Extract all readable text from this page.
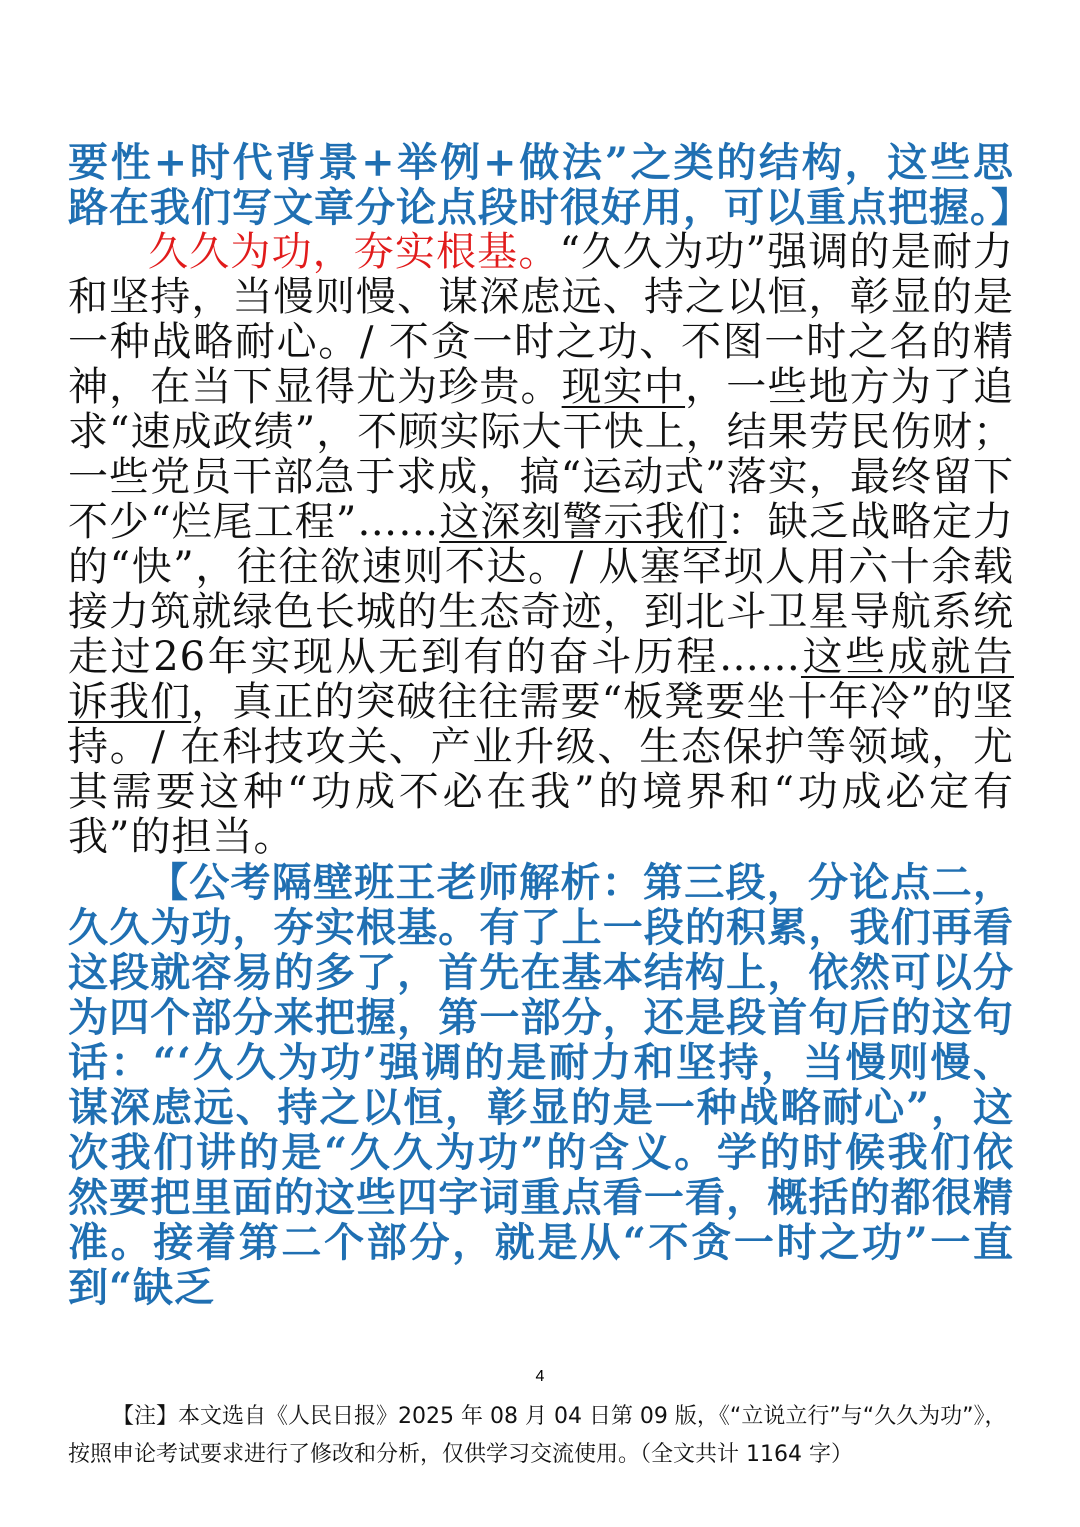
要性+时代背景+举例+做法”之类的结构，这些思路在我们写文章分论点段时很好用，可以重点把握。】

久久为功，夯实根基。“久久为功”强调的是耐力和坚持，当慢则慢、谋深虑远、持之以恒，彰显的是一种战略耐心。/ 不贪一时之功、不图一时之名的精神，在当下显得尤为珍贵。现实中，一些地方为了追求“速成政绩”，不顾实际大干快上，结果劳民伤财；一些党员干部急于求成，搞“运动式”落实，最终留下不少“烂尾工程”……这深刻警示我们：缺乏战略定力的“快”，往往欲速则不达。/ 从塞罕坝人用六十余载接力筑就绿色长城的生态奇迹，到北斗卫星导航系统走过26年实现从无到有的奋斗历程……这些成就告诉我们，真正的突破往往需要“板凳要坐十年冷”的坚持。/ 在科技攻关、产业升级、生态保护等领域，尤其需要这种“功成不必在我”的境界和“功成必定有我”的担当。

【公考隔壁班王老师解析：第三段，分论点二，久久为功，夯实根基。有了上一段的积累，我们再看这段就容易的多了，首先在基本结构上，依然可以分为四个部分来把握，第一部分，还是段首句后的这句话：“‘久久为功’强调的是耐力和坚持，当慢则慢、谋深虑远、持之以恒，彰显的是一种战略耐心”，这次我们讲的是“久久为功”的含义。学的时候我们依然要把里面的这些四字词重点看一看，概括的都很精准。接着第二个部分，就是从“不贪一时之功”一直到“缺乏

4

【注】本文选自《人民日报》2025 年 08 月 04 日第 09 版，《“立说立行”与“久久为功”》，按照申论考试要求进行了修改和分析，仅供学习交流使用。（全文共计 1164 字）
